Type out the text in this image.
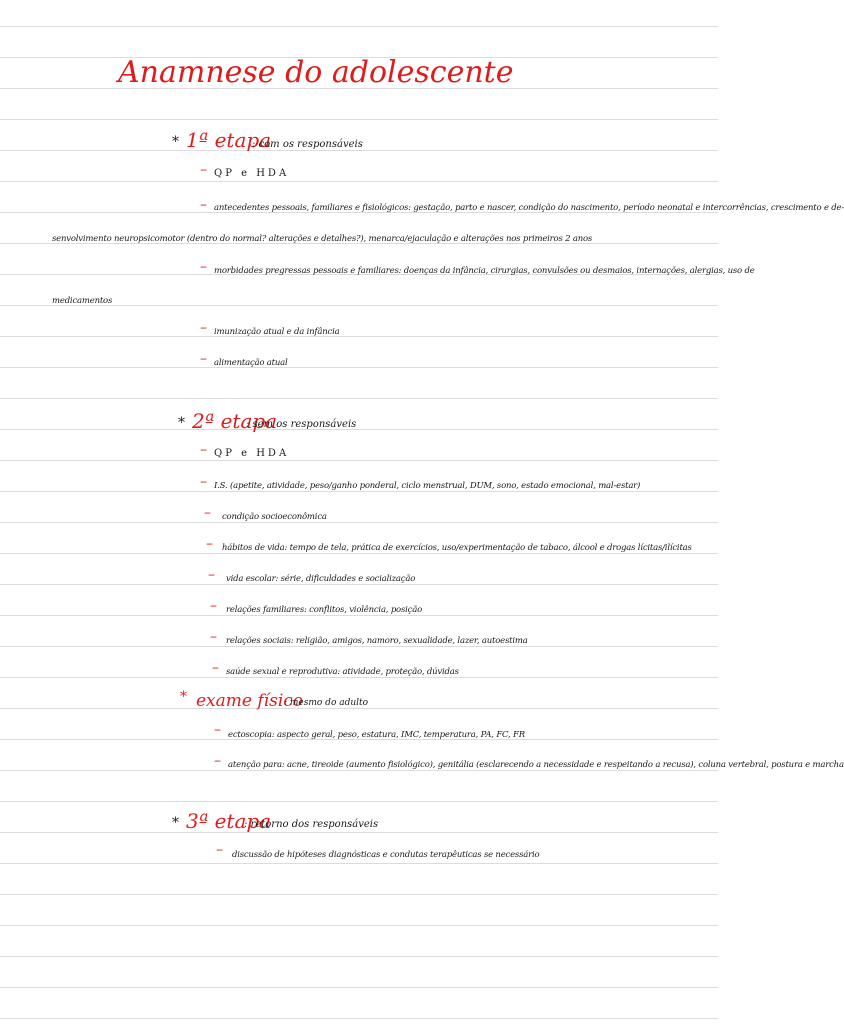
Anamnese do adolescente
* 1ª etapa
: com os responsáveis
– QP e HDA
– antecedentes pessoais, familiares e fisiológicos: gestação, parto e nascer, condição do nascimento, período neonatal e intercorrências, crescimento e de-
senvolvimento neuropsicomotor (dentro do normal? alterações e detalhes?), menarca/ejaculação e alterações nos primeiros 2 anos
– morbidades pregressas pessoais e familiares: doenças da infância, cirurgias, convulsões ou desmaios, internações, alergias, uso de
medicamentos
– imunização atual e da infância
– alimentação atual
* 2ª etapa
: sem os responsáveis
– QP e HDA
– I.S. (apetite, atividade, peso/ganho ponderal, ciclo menstrual, DUM, sono, estado emocional, mal-estar)
– condição socioeconômica
– hábitos de vida: tempo de tela, prática de exercícios, uso/experimentação de tabaco, álcool e drogas lícitas/ilícitas
– vida escolar: série, dificuldades e socialização
– relações familiares: conflitos, violência, posição
– relações sociais: religião, amigos, namoro, sexualidade, lazer, autoestima
– saúde sexual e reprodutiva: atividade, proteção, dúvidas
* exame físico
: mesmo do adulto
– ectoscopia: aspecto geral, peso, estatura, IMC, temperatura, PA, FC, FR
– atenção para: acne, tireoide (aumento fisiológico), genitália (esclarecendo a necessidade e respeitando a recusa), coluna vertebral, postura e marcha
* 3ª etapa
: retorno dos responsáveis
– discussão de hipóteses diagnósticas e condutas terapêuticas se necessário
